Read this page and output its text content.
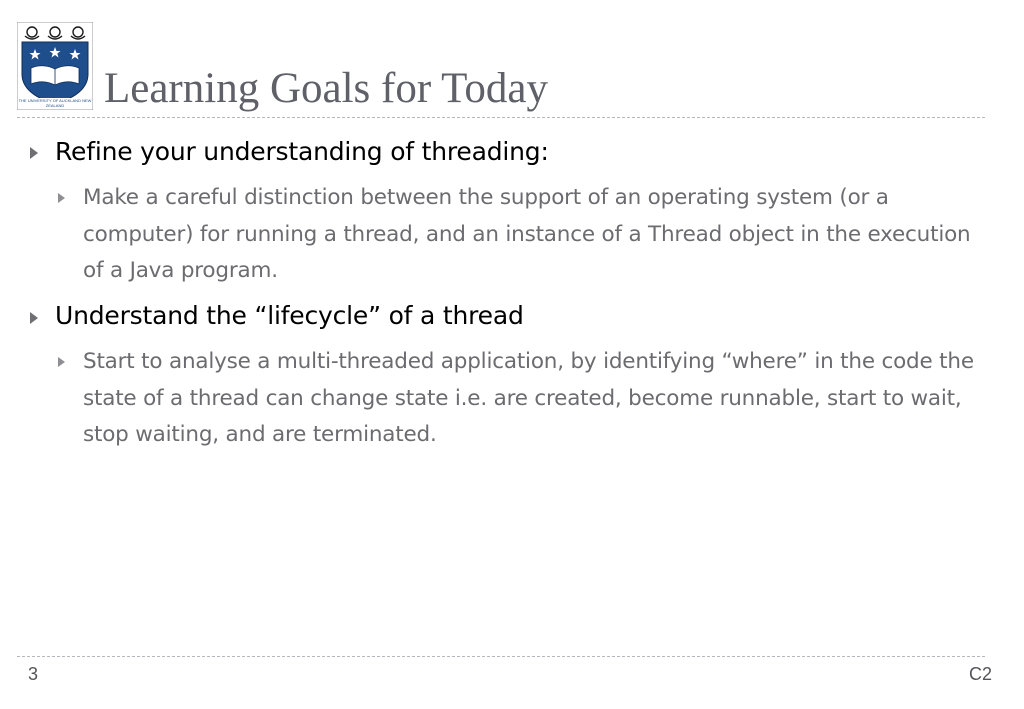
THE UNIVERSITY OF AUCKLAND NEW ZEALAND Learning Goals for Today
Refine your understanding of threading:
Make a careful distinction between the support of an operating system (or a computer) for running a thread, and an instance of a Thread object in the execution of a Java program.
Understand the “lifecycle” of a thread
Start to analyse a multi-threaded application, by identifying “where” in the code the state of a thread can change state i.e. are created, become runnable, start to wait, stop waiting, and are terminated.
3	C2
